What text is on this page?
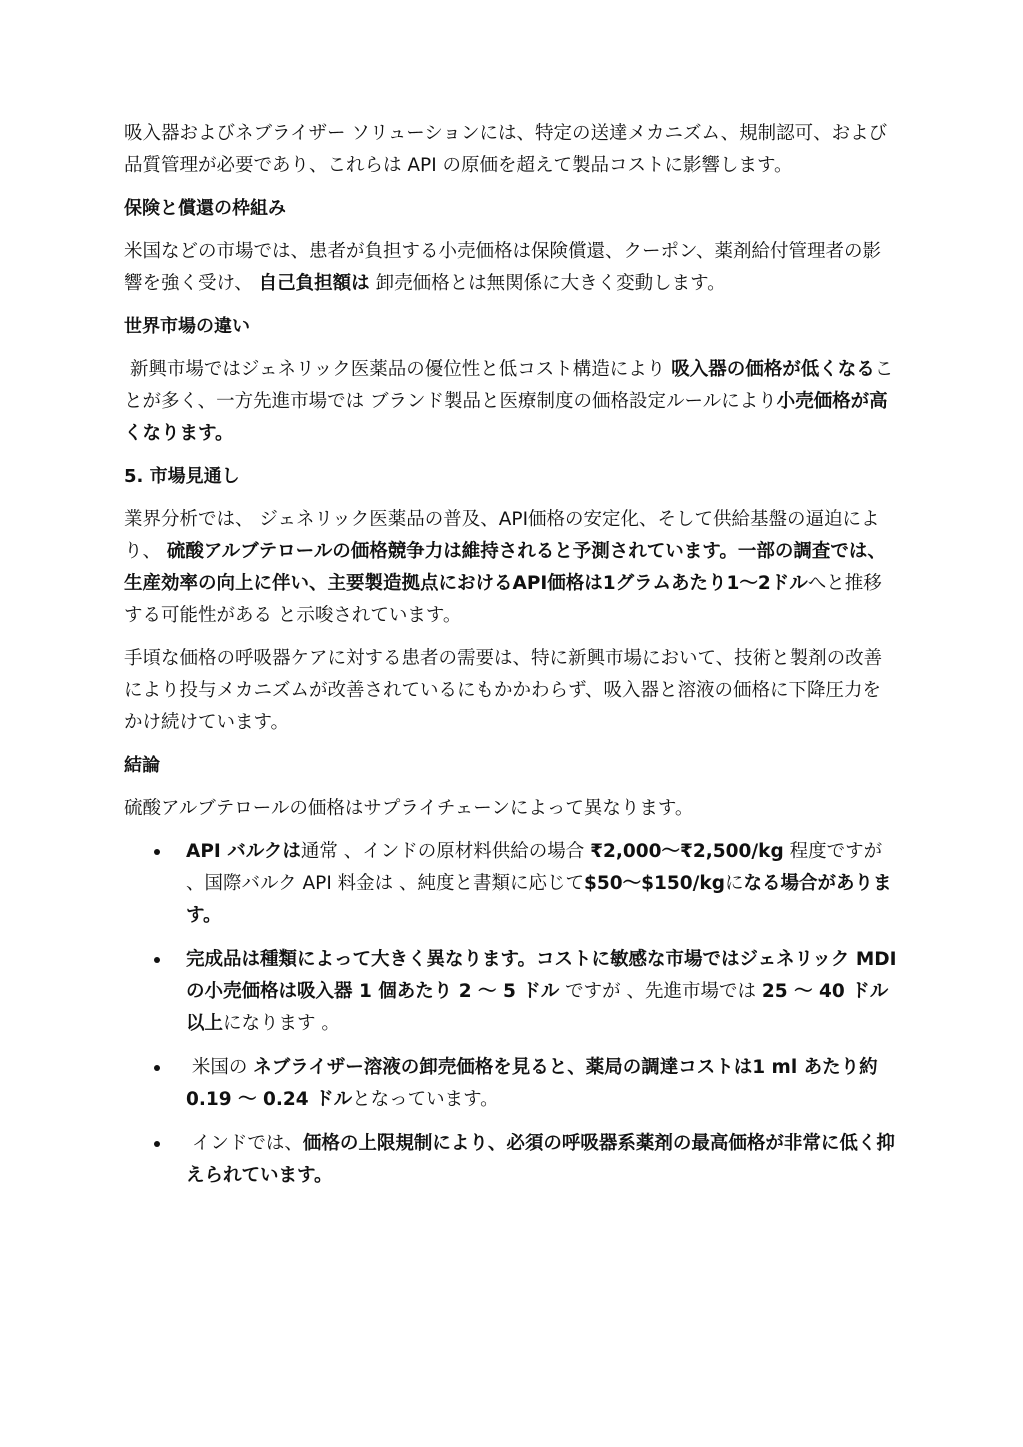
吸入器およびネブライザー ソリューションには、特定の送達メカニズム、規制認可、および品質管理が必要であり、これらは API の原価を超えて製品コストに影響します。

保険と償還の枠組み

米国などの市場では、患者が負担する小売価格は保険償還、クーポン、薬剤給付管理者の影響を強く受け、 自己負担額は 卸売価格とは無関係に大きく変動します。

世界市場の違い

新興市場ではジェネリック医薬品の優位性と低コスト構造により 吸入器の価格が低くなることが多く、一方先進市場では ブランド製品と医療制度の価格設定ルールにより小売価格が高くなります。

5. 市場見通し

業界分析では、 ジェネリック医薬品の普及、API価格の安定化、そして供給基盤の逼迫により、 硫酸アルブテロールの価格競争力は維持されると予測されています。一部の調査では、生産効率の向上に伴い、主要製造拠点におけるAPI価格は1グラムあたり1〜2ドルへと推移する可能性がある と示唆されています。

手頃な価格の呼吸器ケアに対する患者の需要は、特に新興市場において、技術と製剤の改善により投与メカニズムが改善されているにもかかわらず、吸入器と溶液の価格に下降圧力をかけ続けています。

結論

硫酸アルブテロールの価格はサプライチェーンによって異なります。

API バルクは通常 、インドの原材料供給の場合 ₹2,000〜₹2,500/kg 程度ですが 、国際バルク API 料金は 、純度と書類に応じて$50〜$150/kgになる場合があります。

完成品は種類によって大きく異なります。コストに敏感な市場ではジェネリック MDI の小売価格は吸入器 1 個あたり 2 〜 5 ドル ですが 、先進市場では 25 〜 40 ドル以上になります 。

米国の ネブライザー溶液の卸売価格を見ると、薬局の調達コストは1 ml あたり約 0.19 〜 0.24 ドルとなっています。

インドでは、価格の上限規制により、必須の呼吸器系薬剤の最高価格が非常に低く抑えられています。
